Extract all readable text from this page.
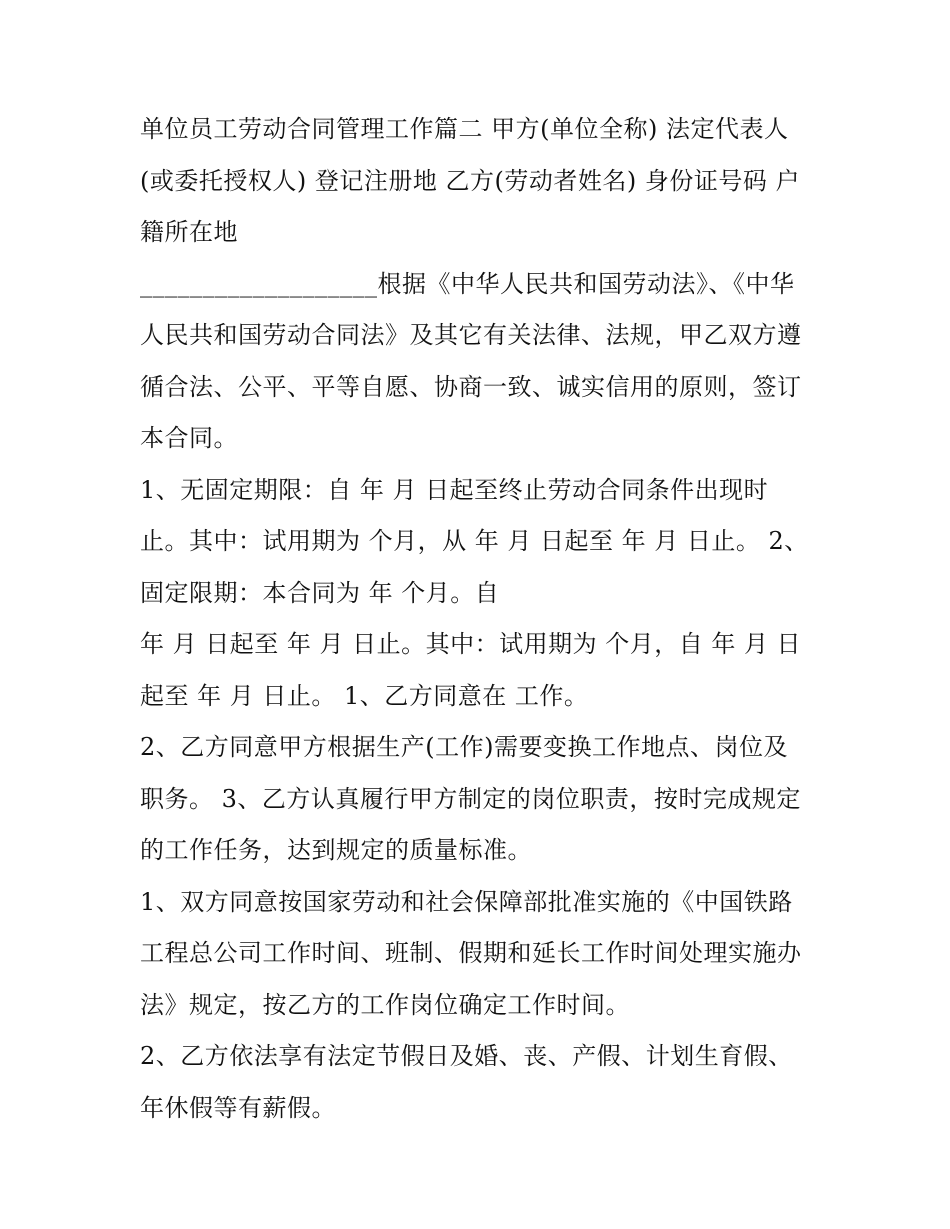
单位员工劳动合同管理工作篇二 甲方(单位全称) 法定代表人
(或委托授权人) 登记注册地 乙方(劳动者姓名) 身份证号码 户
籍所在地
___________________根据《中华人民共和国劳动法》、《中华
人民共和国劳动合同法》及其它有关法律、法规，甲乙双方遵
循合法、公平、平等自愿、协商一致、诚实信用的原则，签订
本合同。
1、无固定期限：自 年 月 日起至终止劳动合同条件出现时
止。其中：试用期为 个月，从 年 月 日起至 年 月 日止。 2、
固定限期：本合同为 年 个月。自
年 月 日起至 年 月 日止。其中：试用期为 个月，自 年 月 日
起至 年 月 日止。 1、乙方同意在 工作。
2、乙方同意甲方根据生产(工作)需要变换工作地点、岗位及
职务。 3、乙方认真履行甲方制定的岗位职责，按时完成规定
的工作任务，达到规定的质量标准。
1、双方同意按国家劳动和社会保障部批准实施的《中国铁路
工程总公司工作时间、班制、假期和延长工作时间处理实施办
法》规定，按乙方的工作岗位确定工作时间。
2、乙方依法享有法定节假日及婚、丧、产假、计划生育假、
年休假等有薪假。
